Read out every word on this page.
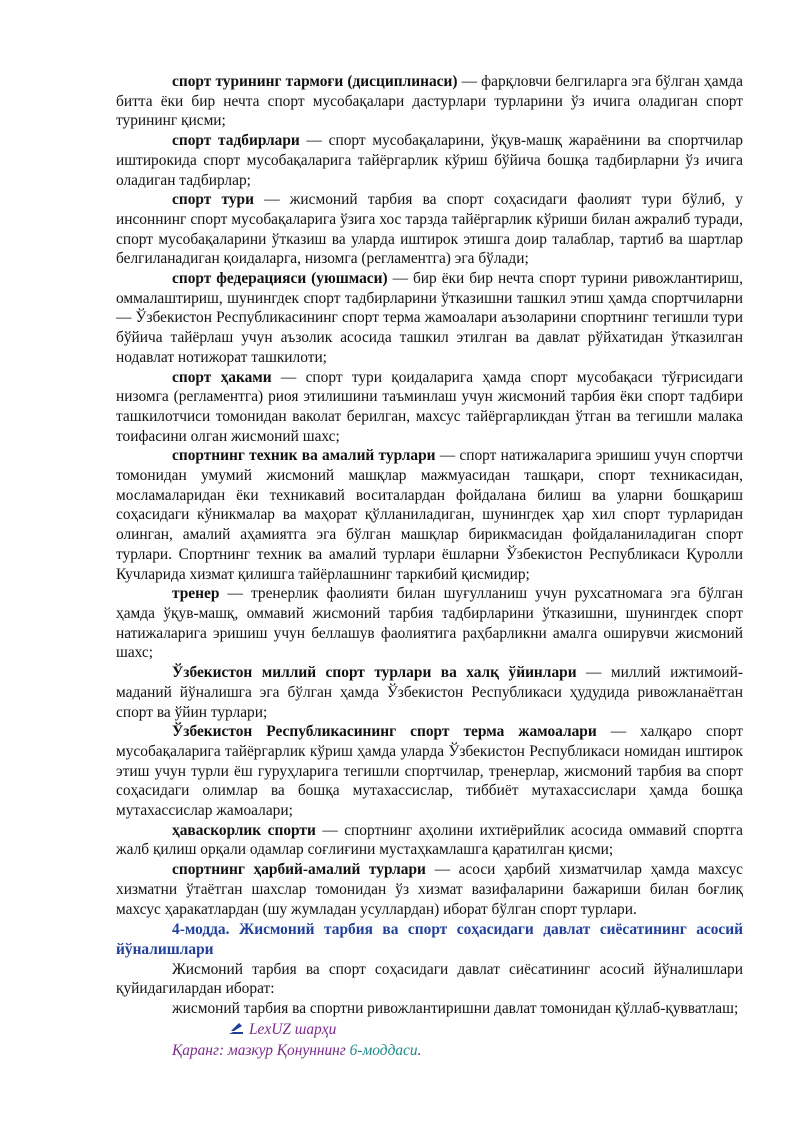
спорт турининг тармоғи (дисциплинаси) — фарқловчи белгиларга эга бўлган ҳамда битта ёки бир нечта спорт мусобақалари дастурлари турларини ўз ичига оладиган спорт турининг қисми;

спорт тадбирлари — спорт мусобақаларини, ўқув-машқ жараёнини ва спортчилар иштирокида спорт мусобақаларига тайёргарлик кўриш бўйича бошқа тадбирларни ўз ичига оладиган тадбирлар;

спорт тури — жисмоний тарбия ва спорт соҳасидаги фаолият тури бўлиб, у инсоннинг спорт мусобақаларига ўзига хос тарзда тайёргарлик кўриши билан ажралиб туради, спорт мусобақаларини ўтказиш ва уларда иштирок этишга доир талаблар, тартиб ва шартлар белгиланадиган қоидаларга, низомга (регламентга) эга бўлади;

спорт федерацияси (уюшмаси) — бир ёки бир нечта спорт турини ривожлантириш, оммалаштириш, шунингдек спорт тадбирларини ўтказишни ташкил этиш ҳамда спортчиларни — Ўзбекистон Республикасининг спорт терма жамоалари аъзоларини спортнинг тегишли тури бўйича тайёрлаш учун аъзолик асосида ташкил этилган ва давлат рўйхатидан ўтказилган нодавлат нотижорат ташкилоти;

спорт ҳаками — спорт тури қоидаларига ҳамда спорт мусобақаси тўғрисидаги низомга (регламентга) риоя этилишини таъминлаш учун жисмоний тарбия ёки спорт тадбири ташкилотчиси томонидан ваколат берилган, махсус тайёргарликдан ўтган ва тегишли малака тоифасини олган жисмоний шахс;

спортнинг техник ва амалий турлари — спорт натижаларига эришиш учун спортчи томонидан умумий жисмоний машқлар мажмуасидан ташқари, спорт техникасидан, мосламаларидан ёки техникавий воситалардан фойдалана билиш ва уларни бошқариш соҳасидаги кўникмалар ва маҳорат қўлланиладиган, шунингдек ҳар хил спорт турларидан олинган, амалий аҳамиятга эга бўлган машқлар бирикмасидан фойдаланиладиган спорт турлари. Спортнинг техник ва амалий турлари ёшларни Ўзбекистон Республикаси Қуролли Кучларида хизмат қилишга тайёрлашнинг таркибий қисмидир;

тренер — тренерлик фаолияти билан шуғулланиш учун рухсатномага эга бўлган ҳамда ўқув-машқ, оммавий жисмоний тарбия тадбирларини ўтказишни, шунингдек спорт натижаларига эришиш учун беллашув фаолиятига раҳбарликни амалга оширувчи жисмоний шахс;

Ўзбекистон миллий спорт турлари ва халқ ўйинлари — миллий ижтимоий-маданий йўналишга эга бўлган ҳамда Ўзбекистон Республикаси ҳудудида ривожланаётган спорт ва ўйин турлари;

Ўзбекистон Республикасининг спорт терма жамоалари — халқаро спорт мусобақаларига тайёргарлик кўриш ҳамда уларда Ўзбекистон Республикаси номидан иштирок этиш учун турли ёш гуруҳларига тегишли спортчилар, тренерлар, жисмоний тарбия ва спорт соҳасидаги олимлар ва бошқа мутахассислар, тиббиёт мутахассислари ҳамда бошқа мутахассислар жамоалари;

ҳаваскорлик спорти — спортнинг аҳолини ихтиёрийлик асосида оммавий спортга жалб қилиш орқали одамлар соғлиғини мустаҳкамлашга қаратилган қисми;

спортнинг ҳарбий-амалий турлари — асоси ҳарбий хизматчилар ҳамда махсус хизматни ўтаётган шахслар томонидан ўз хизмат вазифаларини бажариши билан боғлиқ махсус ҳаракатлардан (шу жумладан усуллардан) иборат бўлган спорт турлари.

4-модда. Жисмоний тарбия ва спорт соҳасидаги давлат сиёсатининг асосий йўналишлари

Жисмоний тарбия ва спорт соҳасидаги давлат сиёсатининг асосий йўналишлари қуйидагилардан иборат:

жисмоний тарбия ва спортни ривожлантиришни давлат томонидан қўллаб-қувватлаш;

LexUZ шарҳи

Қаранг: мазкур Қонуннинг 6-моддаси.
